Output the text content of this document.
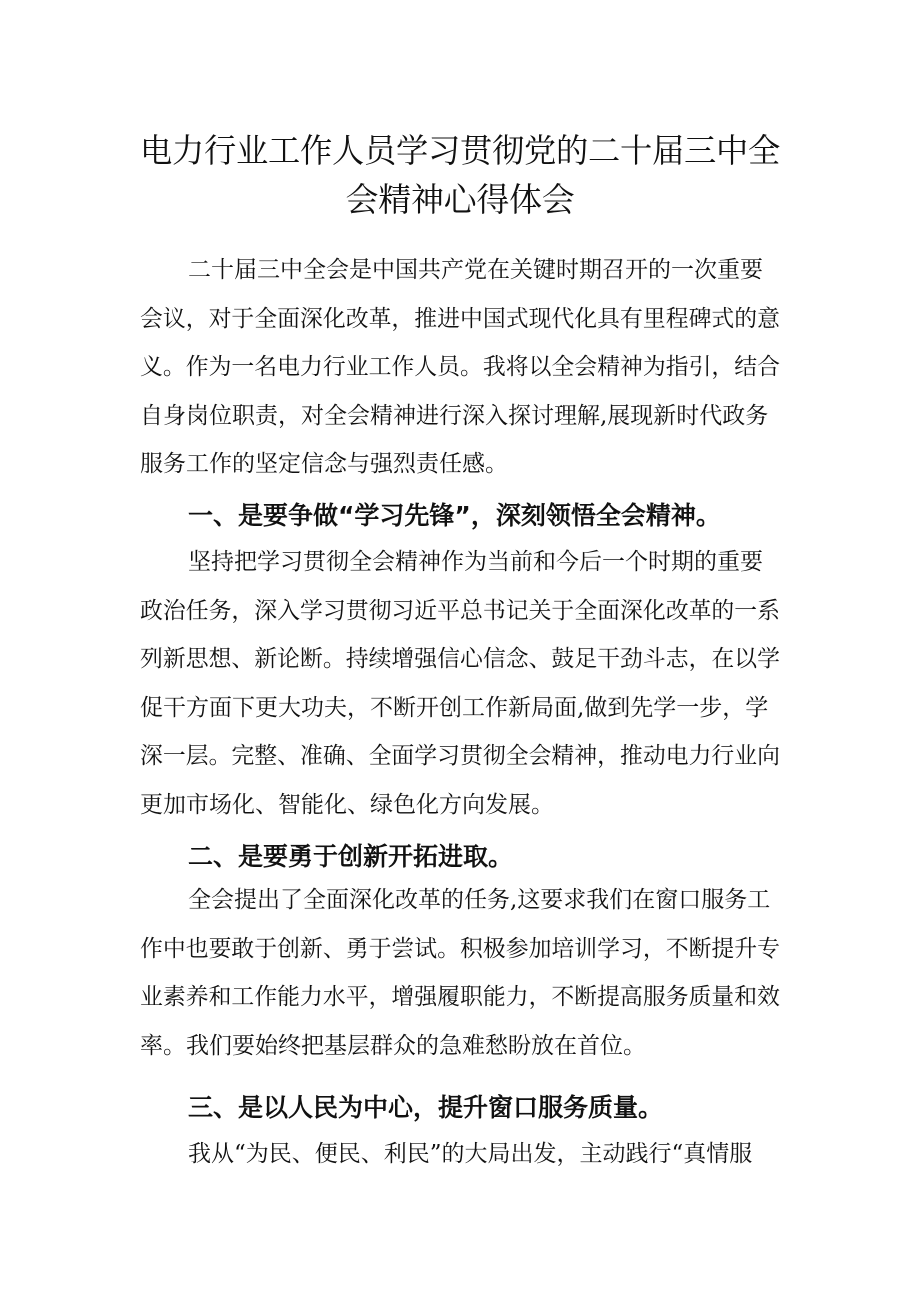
电力行业工作人员学习贯彻党的二十届三中全
会精神心得体会
二十届三中全会是中国共产党在关键时期召开的一次重要
会议，对于全面深化改革，推进中国式现代化具有里程碑式的意
义。作为一名电力行业工作人员。我将以全会精神为指引，结合
自身岗位职责，对全会精神进行深入探讨理解,展现新时代政务
服务工作的坚定信念与强烈责任感。
一、是要争做“学习先锋”，深刻领悟全会精神。
坚持把学习贯彻全会精神作为当前和今后一个时期的重要
政治任务，深入学习贯彻习近平总书记关于全面深化改革的一系
列新思想、新论断。持续增强信心信念、鼓足干劲斗志，在以学
促干方面下更大功夫，不断开创工作新局面,做到先学一步，学
深一层。完整、准确、全面学习贯彻全会精神，推动电力行业向
更加市场化、智能化、绿色化方向发展。
二、是要勇于创新开拓进取。
全会提出了全面深化改革的任务,这要求我们在窗口服务工
作中也要敢于创新、勇于尝试。积极参加培训学习，不断提升专
业素养和工作能力水平，增强履职能力，不断提高服务质量和效
率。我们要始终把基层群众的急难愁盼放在首位。
三、是以人民为中心，提升窗口服务质量。
我从“为民、便民、利民”的大局出发，主动践行“真情服
